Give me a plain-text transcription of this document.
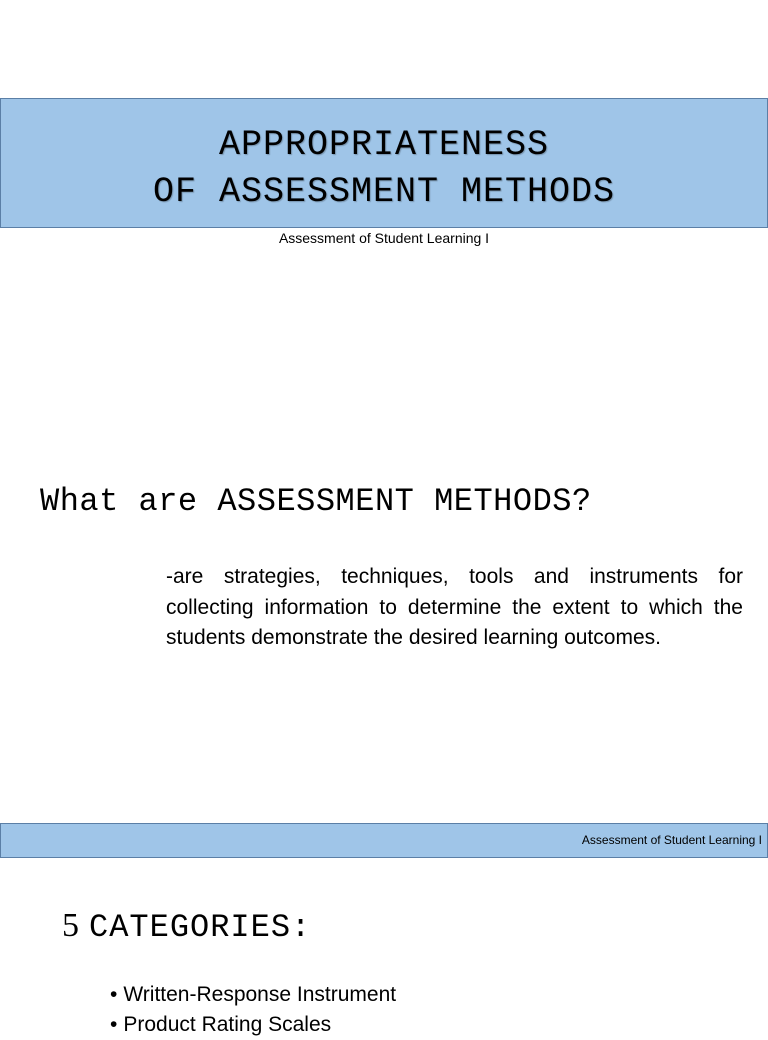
APPROPRIATENESS
OF ASSESSMENT METHODS
Assessment of Student Learning I
What are ASSESSMENT METHODS?
-are strategies, techniques, tools and instruments for collecting information to determine the extent to which the students demonstrate the desired learning outcomes.
Assessment of Student Learning I
5 CATEGORIES:
• Written-Response Instrument
• Product Rating Scales
